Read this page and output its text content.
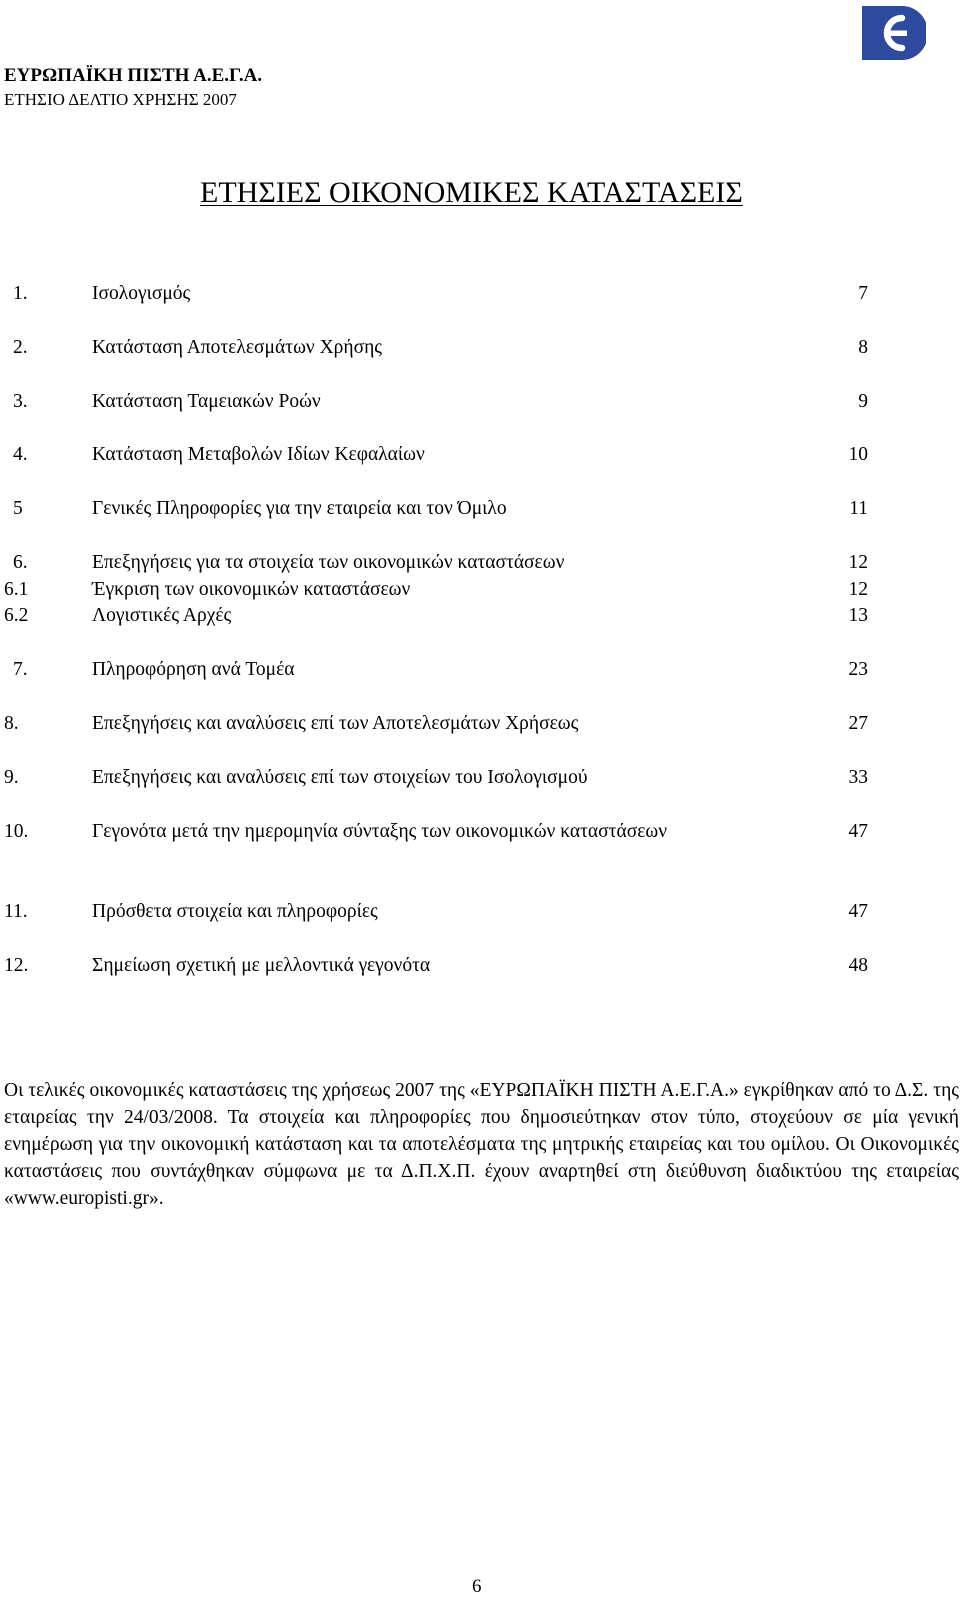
ΕΥΡΩΠΑΪΚΗ ΠΙΣΤΗ Α.Ε.Γ.Α.
ΕΤΗΣΙΟ ΔΕΛΤΙΟ ΧΡΗΣΗΣ 2007
ΕΤΗΣΙΕΣ ΟΙΚΟΝΟΜΙΚΕΣ ΚΑΤΑΣΤΑΣΕΙΣ
1.	Ισολογισμός	7
2.	Κατάσταση Αποτελεσμάτων Χρήσης	8
3.	Κατάσταση Ταμειακών Ροών	9
4.	Κατάσταση Μεταβολών Ιδίων Κεφαλαίων	10
5	Γενικές Πληροφορίες για την εταιρεία και τον Όμιλο	11
6.	Επεξηγήσεις για τα στοιχεία των οικονομικών καταστάσεων	12
6.1	Έγκριση των οικονομικών καταστάσεων	12
6.2	Λογιστικές Αρχές	13
7.	Πληροφόρηση ανά Τομέα	23
8.	Επεξηγήσεις και αναλύσεις επί των Αποτελεσμάτων Χρήσεως	27
9.	Επεξηγήσεις και αναλύσεις επί των στοιχείων του Ισολογισμού	33
10.	Γεγονότα μετά την ημερομηνία σύνταξης των οικονομικών καταστάσεων	47
11.	Πρόσθετα στοιχεία και πληροφορίες	47
12.	Σημείωση σχετική με μελλοντικά γεγονότα	48

Οι τελικές οικονομικές καταστάσεις της χρήσεως 2007 της «ΕΥΡΩΠΑΪΚΗ ΠΙΣΤΗ Α.Ε.Γ.Α.» εγκρίθηκαν από το Δ.Σ. της εταιρείας την 24/03/2008. Τα στοιχεία και πληροφορίες που δημοσιεύτηκαν στον τύπο, στοχεύουν σε μία γενική ενημέρωση για την οικονομική κατάσταση και τα αποτελέσματα της μητρικής εταιρείας και του ομίλου. Οι Οικονομικές καταστάσεις που συντάχθηκαν σύμφωνα με τα Δ.Π.Χ.Π. έχουν αναρτηθεί στη διεύθυνση διαδικτύου της εταιρείας «www.europisti.gr».

6
